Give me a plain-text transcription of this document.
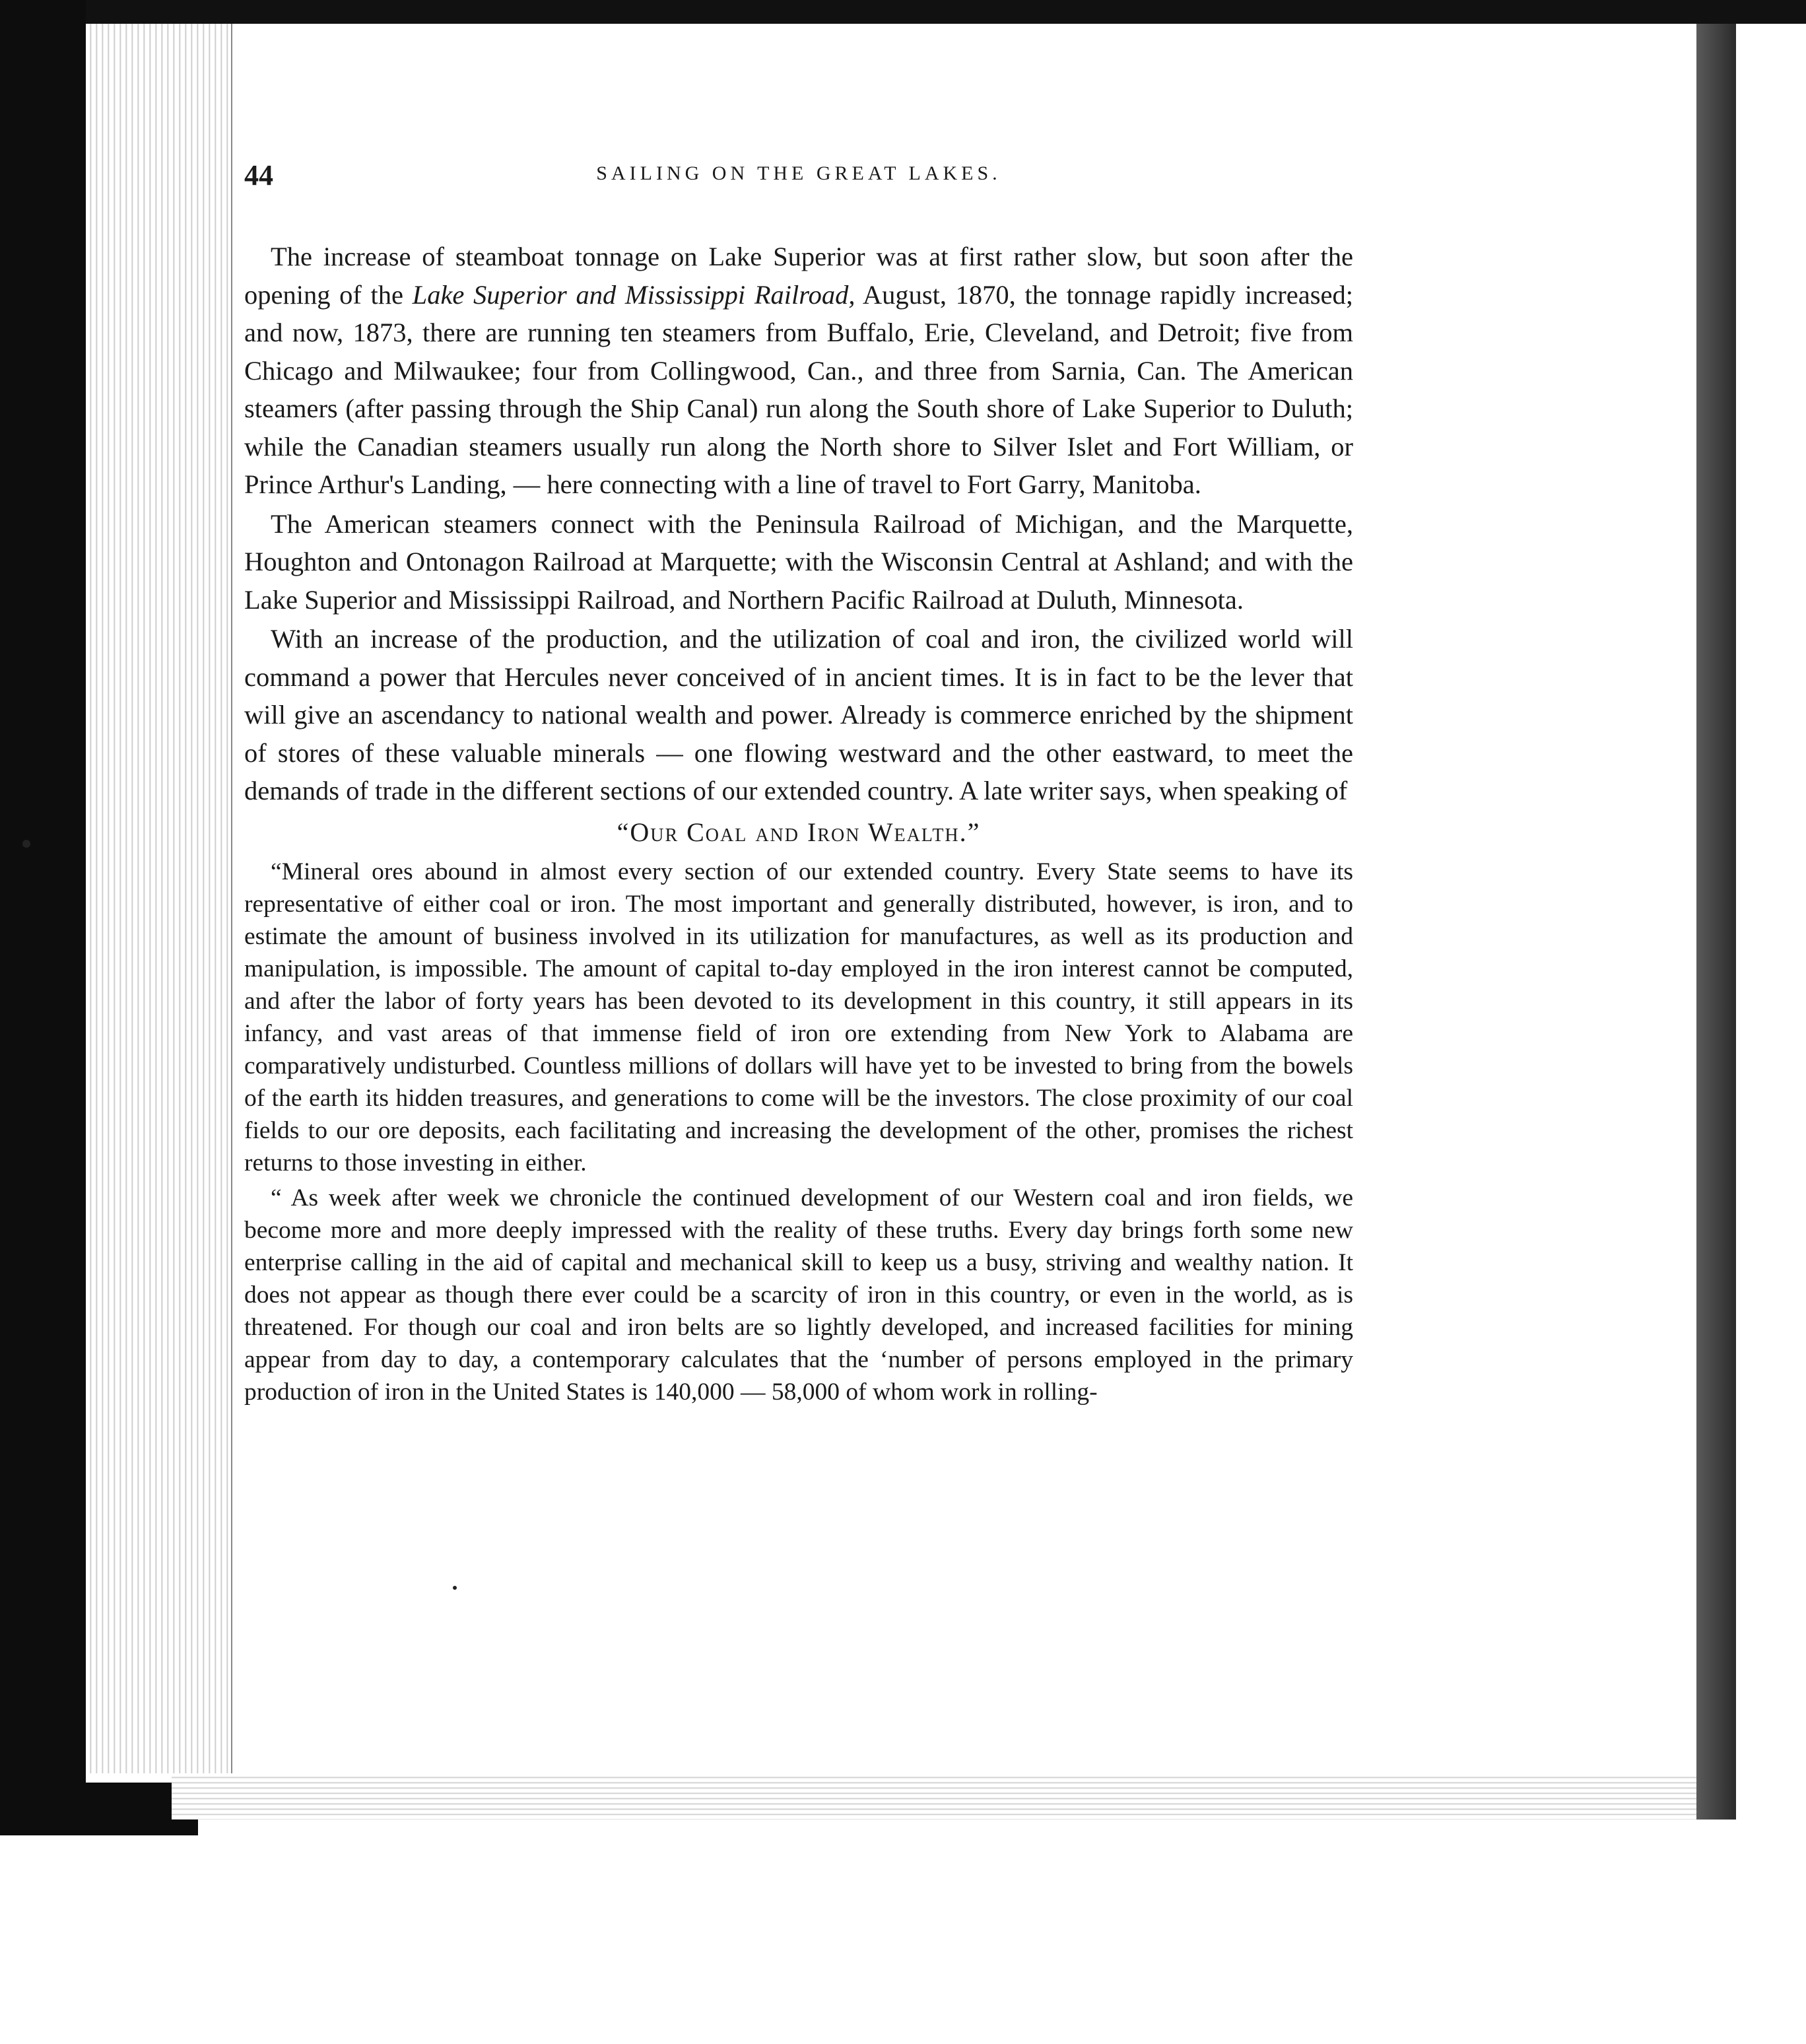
44	SAILING ON THE GREAT LAKES.

The increase of steamboat tonnage on Lake Superior was at first rather slow, but soon after the opening of the Lake Superior and Mississippi Railroad, August, 1870, the tonnage rapidly increased; and now, 1873, there are running ten steamers from Buffalo, Erie, Cleveland, and Detroit; five from Chicago and Milwaukee; four from Collingwood, Can., and three from Sarnia, Can. The American steamers (after passing through the Ship Canal) run along the South shore of Lake Superior to Duluth; while the Canadian steamers usually run along the North shore to Silver Islet and Fort William, or Prince Arthur's Landing, — here connecting with a line of travel to Fort Garry, Manitoba.

The American steamers connect with the Peninsula Railroad of Michigan, and the Marquette, Houghton and Ontonagon Railroad at Marquette; with the Wisconsin Central at Ashland; and with the Lake Superior and Mississippi Railroad, and Northern Pacific Railroad at Duluth, Minnesota.

With an increase of the production, and the utilization of coal and iron, the civilized world will command a power that Hercules never conceived of in ancient times. It is in fact to be the lever that will give an ascendancy to national wealth and power. Already is commerce enriched by the shipment of stores of these valuable minerals — one flowing westward and the other eastward, to meet the demands of trade in the different sections of our extended country. A late writer says, when speaking of

“Our Coal and Iron Wealth.”

“Mineral ores abound in almost every section of our extended country. Every State seems to have its representative of either coal or iron. The most important and generally distributed, however, is iron, and to estimate the amount of business involved in its utilization for manufactures, as well as its production and manipulation, is impossible. The amount of capital to-day employed in the iron interest cannot be computed, and after the labor of forty years has been devoted to its development in this country, it still appears in its infancy, and vast areas of that immense field of iron ore extending from New York to Alabama are comparatively undisturbed. Countless millions of dollars will have yet to be invested to bring from the bowels of the earth its hidden treasures, and generations to come will be the investors. The close proximity of our coal fields to our ore deposits, each facilitating and increasing the development of the other, promises the richest returns to those investing in either.

“ As week after week we chronicle the continued development of our Western coal and iron fields, we become more and more deeply impressed with the reality of these truths. Every day brings forth some new enterprise calling in the aid of capital and mechanical skill to keep us a busy, striving and wealthy nation. It does not appear as though there ever could be a scarcity of iron in this country, or even in the world, as is threatened. For though our coal and iron belts are so lightly developed, and increased facilities for mining appear from day to day, a contemporary calculates that the ‘number of persons employed in the primary production of iron in the United States is 140,000 — 58,000 of whom work in rolling-
